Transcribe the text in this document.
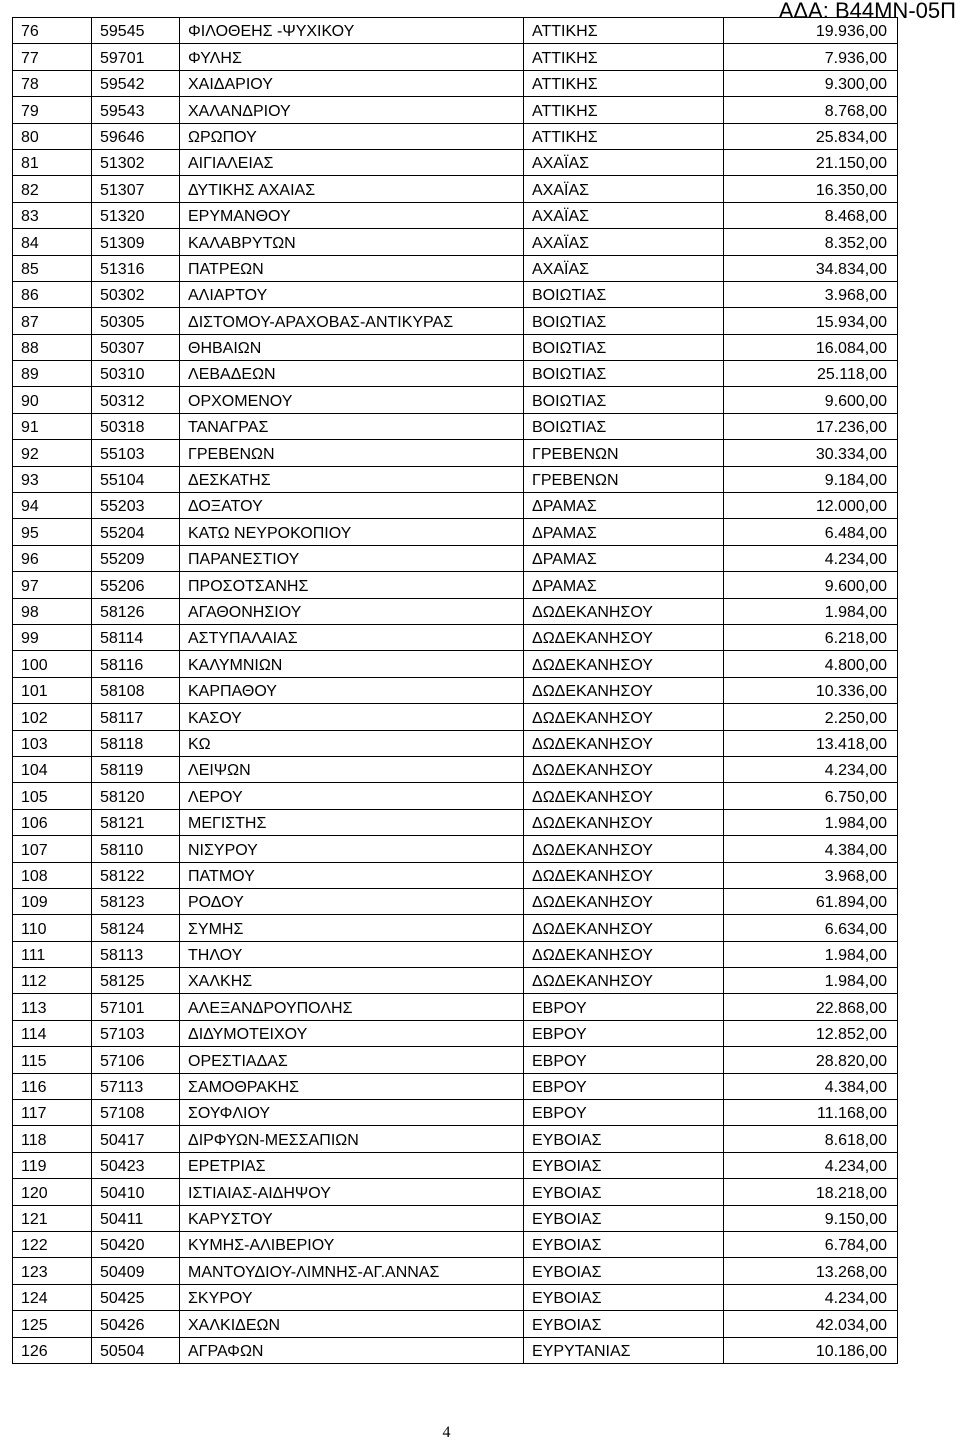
ΑΔΑ: Β44ΜΝ-05Π
76	59545	ΦΙΛΟΘΕΗΣ -ΨΥΧΙΚΟΥ	ΑΤΤΙΚΗΣ	19.936,00
77	59701	ΦΥΛΗΣ	ΑΤΤΙΚΗΣ	7.936,00
78	59542	ΧΑΙΔΑΡΙΟΥ	ΑΤΤΙΚΗΣ	9.300,00
79	59543	ΧΑΛΑΝΔΡΙΟΥ	ΑΤΤΙΚΗΣ	8.768,00
80	59646	ΩΡΩΠΟΥ	ΑΤΤΙΚΗΣ	25.834,00
81	51302	ΑΙΓΙΑΛΕΙΑΣ	ΑΧΑΪΑΣ	21.150,00
82	51307	ΔΥΤΙΚΗΣ ΑΧΑΙΑΣ	ΑΧΑΪΑΣ	16.350,00
83	51320	ΕΡΥΜΑΝΘΟΥ	ΑΧΑΪΑΣ	8.468,00
84	51309	ΚΑΛΑΒΡΥΤΩΝ	ΑΧΑΪΑΣ	8.352,00
85	51316	ΠΑΤΡΕΩΝ	ΑΧΑΪΑΣ	34.834,00
86	50302	ΑΛΙΑΡΤΟΥ	ΒΟΙΩΤΙΑΣ	3.968,00
87	50305	ΔΙΣΤΟΜΟΥ-ΑΡΑΧΟΒΑΣ-ΑΝΤΙΚΥΡΑΣ	ΒΟΙΩΤΙΑΣ	15.934,00
88	50307	ΘΗΒΑΙΩΝ	ΒΟΙΩΤΙΑΣ	16.084,00
89	50310	ΛΕΒΑΔΕΩΝ	ΒΟΙΩΤΙΑΣ	25.118,00
90	50312	ΟΡΧΟΜΕΝΟΥ	ΒΟΙΩΤΙΑΣ	9.600,00
91	50318	ΤΑΝΑΓΡΑΣ	ΒΟΙΩΤΙΑΣ	17.236,00
92	55103	ΓΡΕΒΕΝΩΝ	ΓΡΕΒΕΝΩΝ	30.334,00
93	55104	ΔΕΣΚΑΤΗΣ	ΓΡΕΒΕΝΩΝ	9.184,00
94	55203	ΔΟΞΑΤΟΥ	ΔΡΑΜΑΣ	12.000,00
95	55204	ΚΑΤΩ ΝΕΥΡΟΚΟΠΙΟΥ	ΔΡΑΜΑΣ	6.484,00
96	55209	ΠΑΡΑΝΕΣΤΙΟΥ	ΔΡΑΜΑΣ	4.234,00
97	55206	ΠΡΟΣΟΤΣΑΝΗΣ	ΔΡΑΜΑΣ	9.600,00
98	58126	ΑΓΑΘΟΝΗΣΙΟΥ	ΔΩΔΕΚΑΝΗΣΟΥ	1.984,00
99	58114	ΑΣΤΥΠΑΛΑΙΑΣ	ΔΩΔΕΚΑΝΗΣΟΥ	6.218,00
100	58116	ΚΑΛΥΜΝΙΩΝ	ΔΩΔΕΚΑΝΗΣΟΥ	4.800,00
101	58108	ΚΑΡΠΑΘΟΥ	ΔΩΔΕΚΑΝΗΣΟΥ	10.336,00
102	58117	ΚΑΣΟΥ	ΔΩΔΕΚΑΝΗΣΟΥ	2.250,00
103	58118	ΚΩ	ΔΩΔΕΚΑΝΗΣΟΥ	13.418,00
104	58119	ΛΕΙΨΩΝ	ΔΩΔΕΚΑΝΗΣΟΥ	4.234,00
105	58120	ΛΕΡΟΥ	ΔΩΔΕΚΑΝΗΣΟΥ	6.750,00
106	58121	ΜΕΓΙΣΤΗΣ	ΔΩΔΕΚΑΝΗΣΟΥ	1.984,00
107	58110	ΝΙΣΥΡΟΥ	ΔΩΔΕΚΑΝΗΣΟΥ	4.384,00
108	58122	ΠΑΤΜΟΥ	ΔΩΔΕΚΑΝΗΣΟΥ	3.968,00
109	58123	ΡΟΔΟΥ	ΔΩΔΕΚΑΝΗΣΟΥ	61.894,00
110	58124	ΣΥΜΗΣ	ΔΩΔΕΚΑΝΗΣΟΥ	6.634,00
111	58113	ΤΗΛΟΥ	ΔΩΔΕΚΑΝΗΣΟΥ	1.984,00
112	58125	ΧΑΛΚΗΣ	ΔΩΔΕΚΑΝΗΣΟΥ	1.984,00
113	57101	ΑΛΕΞΑΝΔΡΟΥΠΟΛΗΣ	ΕΒΡΟΥ	22.868,00
114	57103	ΔΙΔΥΜΟΤΕΙΧΟΥ	ΕΒΡΟΥ	12.852,00
115	57106	ΟΡΕΣΤΙΑΔΑΣ	ΕΒΡΟΥ	28.820,00
116	57113	ΣΑΜΟΘΡΑΚΗΣ	ΕΒΡΟΥ	4.384,00
117	57108	ΣΟΥΦΛΙΟΥ	ΕΒΡΟΥ	11.168,00
118	50417	ΔΙΡΦΥΩΝ-ΜΕΣΣΑΠΙΩΝ	ΕΥΒΟΙΑΣ	8.618,00
119	50423	ΕΡΕΤΡΙΑΣ	ΕΥΒΟΙΑΣ	4.234,00
120	50410	ΙΣΤΙΑΙΑΣ-ΑΙΔΗΨΟΥ	ΕΥΒΟΙΑΣ	18.218,00
121	50411	ΚΑΡΥΣΤΟΥ	ΕΥΒΟΙΑΣ	9.150,00
122	50420	ΚΥΜΗΣ-ΑΛΙΒΕΡΙΟΥ	ΕΥΒΟΙΑΣ	6.784,00
123	50409	ΜΑΝΤΟΥΔΙΟΥ-ΛΙΜΝΗΣ-ΑΓ.ΑΝΝΑΣ	ΕΥΒΟΙΑΣ	13.268,00
124	50425	ΣΚΥΡΟΥ	ΕΥΒΟΙΑΣ	4.234,00
125	50426	ΧΑΛΚΙΔΕΩΝ	ΕΥΒΟΙΑΣ	42.034,00
126	50504	ΑΓΡΑΦΩΝ	ΕΥΡΥΤΑΝΙΑΣ	10.186,00
4
